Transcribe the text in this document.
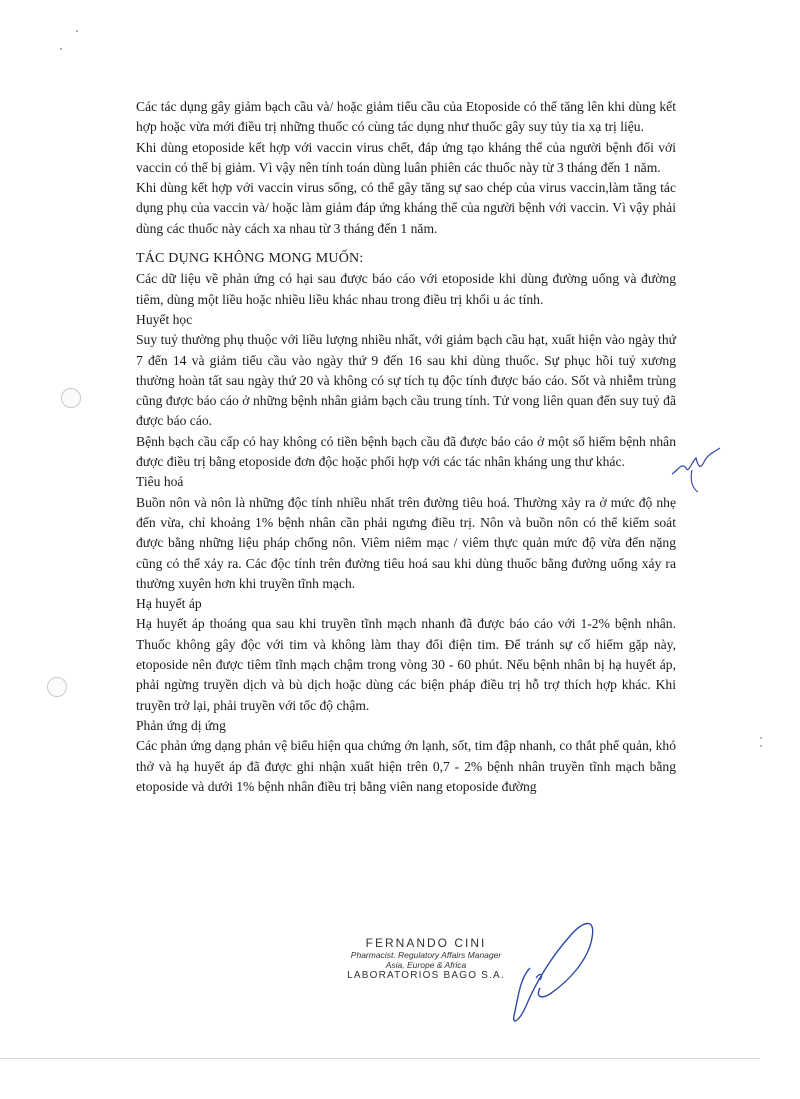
Các tác dụng gây giảm bạch cầu và/ hoặc giảm tiểu cầu của Etoposide có thể tăng lên khi dùng kết hợp hoặc vừa mới điều trị những thuốc có cùng tác dụng như thuốc gây suy tủy tia xạ trị liệu.

Khi dùng etoposide kết hợp với vaccin virus chết, đáp ứng tạo kháng thể của người bệnh đối với vaccin có thể bị giảm. Vì vậy nên tính toán dùng luân phiên các thuốc này từ 3 tháng đến 1 năm.

Khi dùng kết hợp với vaccin virus sống, có thể gây tăng sự sao chép của virus vaccin,làm tăng tác dụng phụ của vaccin và/ hoặc làm giảm đáp ứng kháng thể của người bệnh với vaccin. Vì vậy phải dùng các thuốc này cách xa nhau từ 3 tháng đến 1 năm.

TÁC DỤNG KHÔNG MONG MUỐN:

Các dữ liệu về phản ứng có hại sau được báo cáo với etoposide khi dùng đường uống và đường tiêm, dùng một liều hoặc nhiều liều khác nhau trong điều trị khối u ác tính.

Huyết học

Suy tuỷ thường phụ thuộc với liều lượng nhiều nhất, với giảm bạch cầu hạt, xuất hiện vào ngày thứ 7 đến 14 và giảm tiểu cầu vào ngày thứ 9 đến 16 sau khi dùng thuốc. Sự phục hồi tuỷ xương thường hoàn tất sau ngày thứ 20 và không có sự tích tụ độc tính được báo cáo. Sốt và nhiễm trùng cũng được báo cáo ở những bệnh nhân giảm bạch cầu trung tính. Tử vong liên quan đến suy tuỷ đã được báo cáo.

Bệnh bạch cầu cấp có hay không có tiền bệnh bạch cầu đã được báo cáo ở một số hiếm bệnh nhân được điều trị bằng etoposide đơn độc hoặc phối hợp với các tác nhân kháng ung thư khác.

Tiêu hoá

Buồn nôn và nôn là những độc tính nhiều nhất trên đường tiêu hoá. Thường xảy ra ở mức độ nhẹ đến vừa, chỉ khoảng 1% bệnh nhân cần phải ngưng điều trị. Nôn và buồn nôn có thể kiểm soát được bằng những liệu pháp chống nôn. Viêm niêm mạc / viêm thực quản mức độ vừa đến nặng cũng có thể xảy ra. Các độc tính trên đường tiêu hoá sau khi dùng thuốc bằng đường uống xảy ra thường xuyên hơn khi truyền tĩnh mạch.

Hạ huyết áp

Hạ huyết áp thoáng qua sau khi truyền tĩnh mạch nhanh đã được báo cáo với 1-2% bệnh nhân. Thuốc không gây độc với tim và không làm thay đổi điện tim. Để tránh sự cố hiếm gặp này, etoposide nên được tiêm tĩnh mạch chậm trong vòng 30 - 60 phút. Nếu bệnh nhân bị hạ huyết áp, phải ngừng truyền dịch và bù dịch hoặc dùng các biện pháp điều trị hỗ trợ thích hợp khác. Khi truyền trở lại, phải truyền với tốc độ chậm.

Phản ứng dị ứng

Các phản ứng dạng phản vệ biểu hiện qua chứng ớn lạnh, sốt, tim đập nhanh, co thắt phế quản, khó thở và hạ huyết áp đã được ghi nhận xuất hiện trên 0,7 - 2% bệnh nhân truyền tĩnh mạch bằng etoposide và dưới 1% bệnh nhân điều trị bằng viên nang etoposide đường

FERNANDO CINI
Pharmacist. Regulatory Affairs Manager
Asia, Europe & Africa
LABORATORIOS BAGO S.A.
